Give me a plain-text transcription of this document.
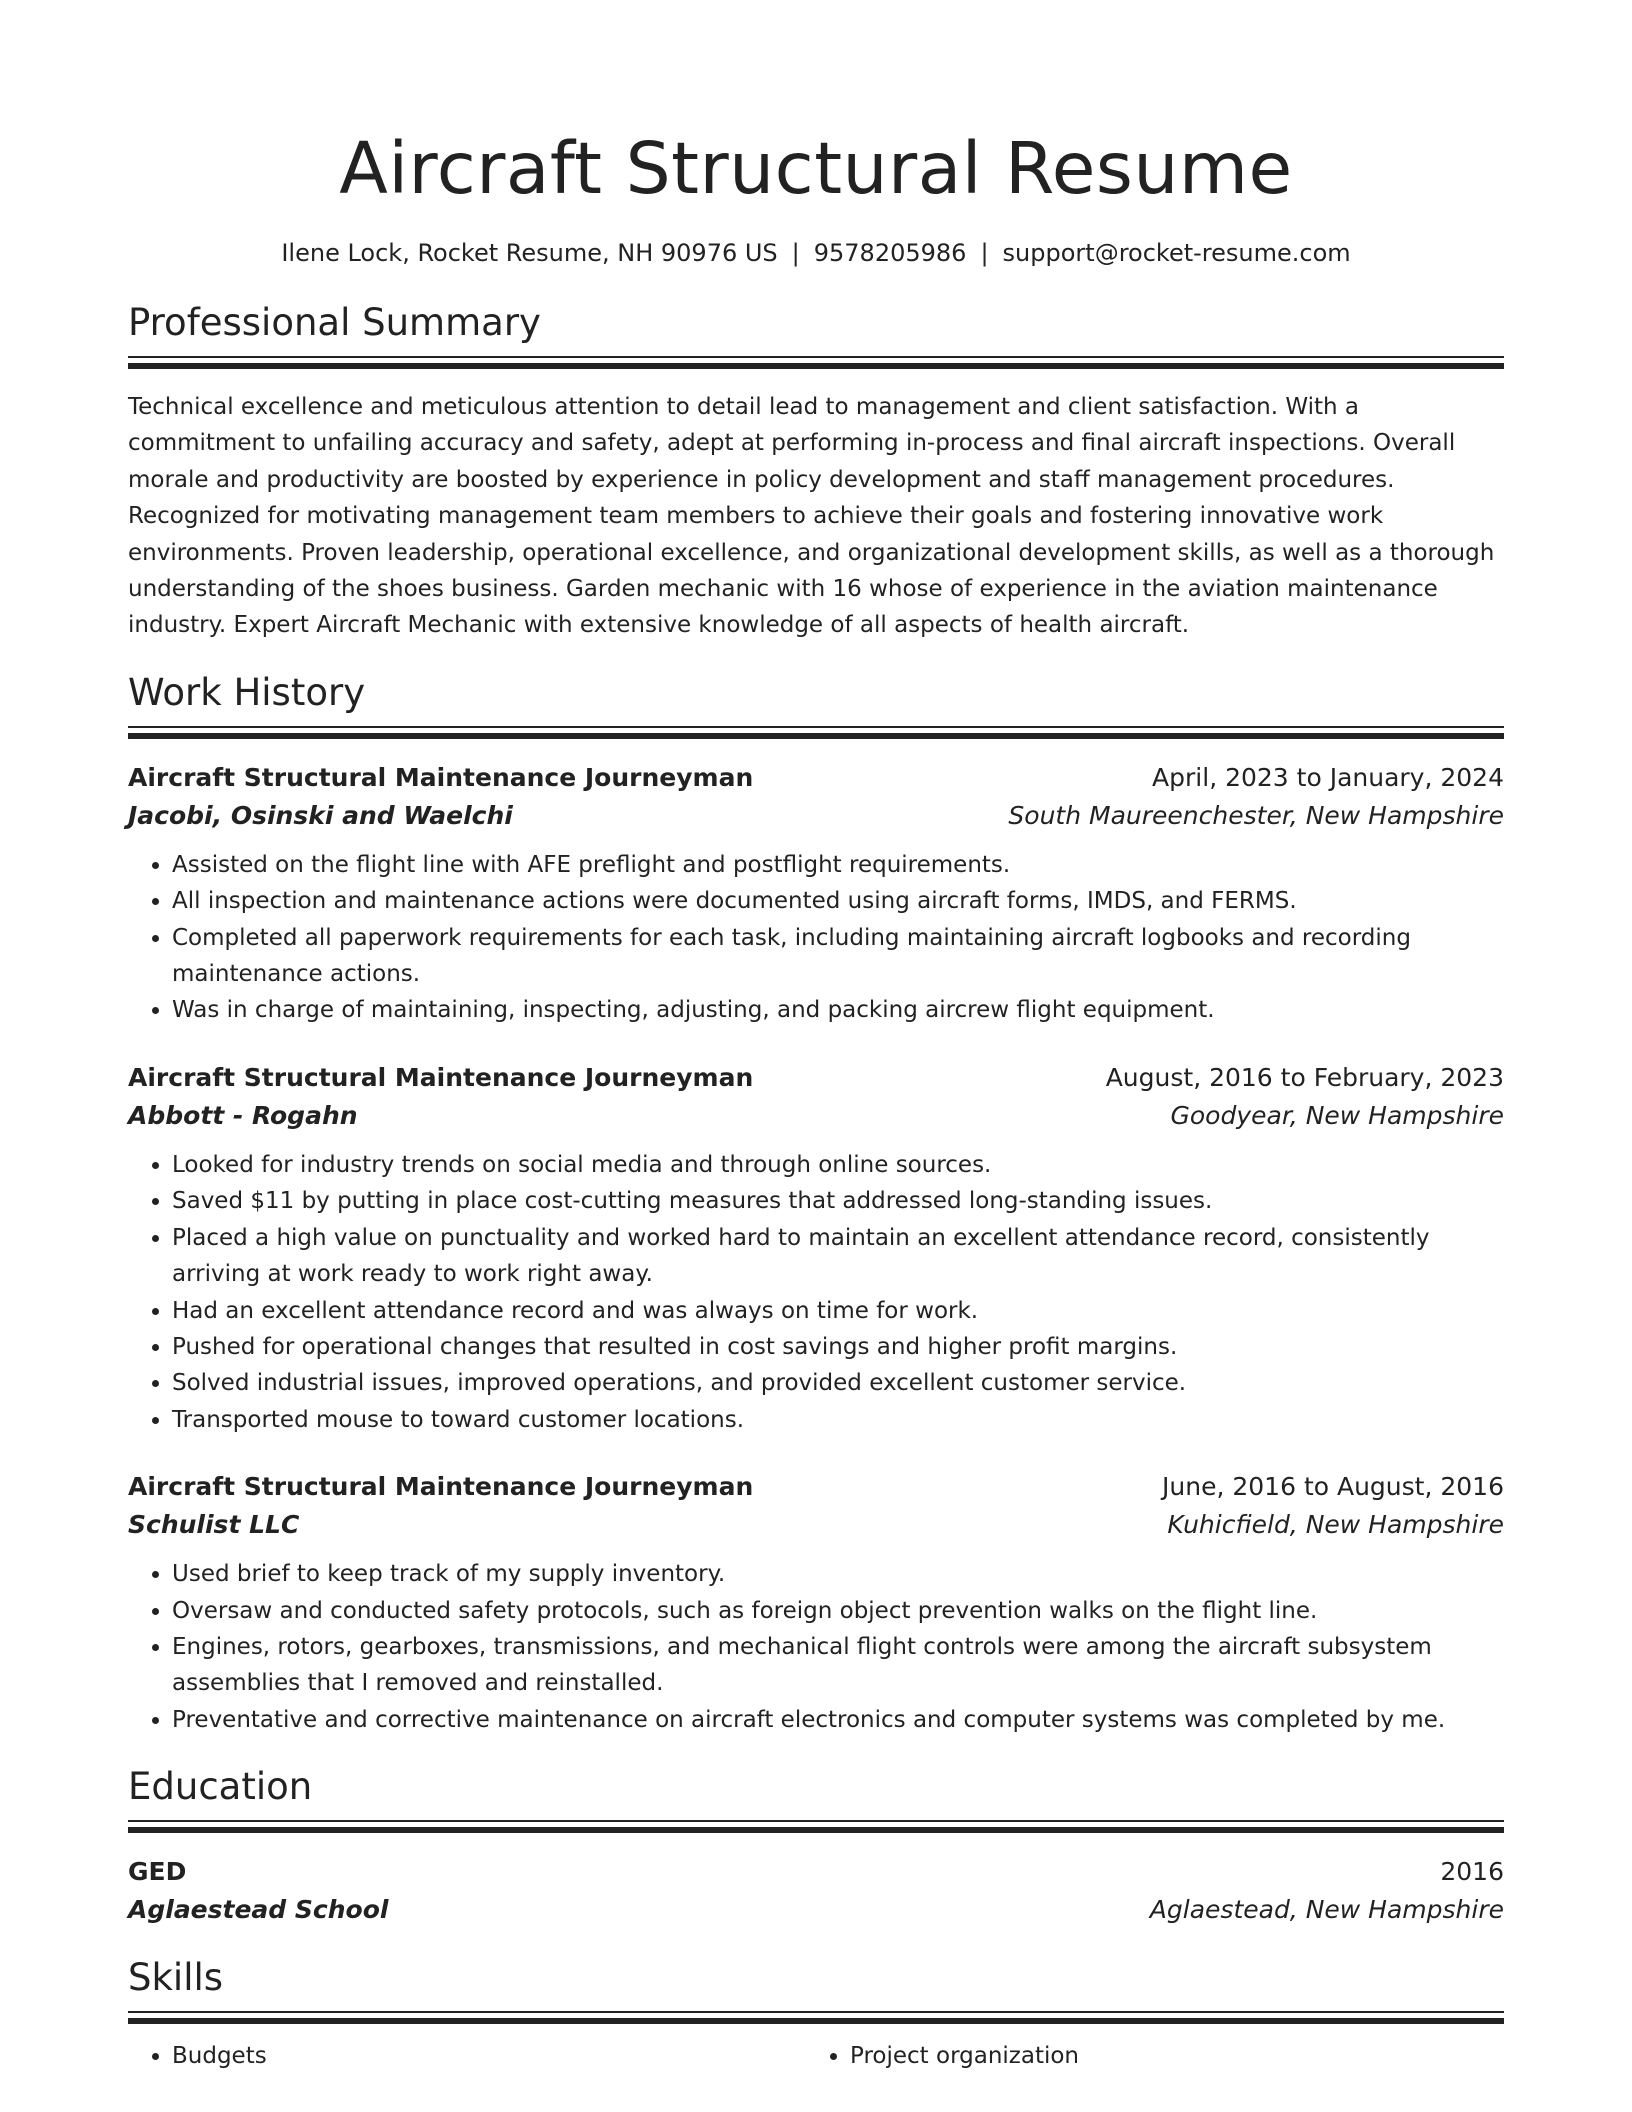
Aircraft Structural Resume
Ilene Lock, Rocket Resume, NH 90976 US | 9578205986 | support@rocket-resume.com
Professional Summary
Technical excellence and meticulous attention to detail lead to management and client satisfaction. With a commitment to unfailing accuracy and safety, adept at performing in-process and final aircraft inspections. Overall morale and productivity are boosted by experience in policy development and staff management procedures. Recognized for motivating management team members to achieve their goals and fostering innovative work environments. Proven leadership, operational excellence, and organizational development skills, as well as a thorough understanding of the shoes business. Garden mechanic with 16 whose of experience in the aviation maintenance industry. Expert Aircraft Mechanic with extensive knowledge of all aspects of health aircraft.
Work History
Aircraft Structural Maintenance Journeyman	April, 2023 to January, 2024
Jacobi, Osinski and Waelchi	South Maureenchester, New Hampshire
• Assisted on the flight line with AFE preflight and postflight requirements.
• All inspection and maintenance actions were documented using aircraft forms, IMDS, and FERMS.
• Completed all paperwork requirements for each task, including maintaining aircraft logbooks and recording maintenance actions.
• Was in charge of maintaining, inspecting, adjusting, and packing aircrew flight equipment.
Aircraft Structural Maintenance Journeyman	August, 2016 to February, 2023
Abbott - Rogahn	Goodyear, New Hampshire
• Looked for industry trends on social media and through online sources.
• Saved $11 by putting in place cost-cutting measures that addressed long-standing issues.
• Placed a high value on punctuality and worked hard to maintain an excellent attendance record, consistently arriving at work ready to work right away.
• Had an excellent attendance record and was always on time for work.
• Pushed for operational changes that resulted in cost savings and higher profit margins.
• Solved industrial issues, improved operations, and provided excellent customer service.
• Transported mouse to toward customer locations.
Aircraft Structural Maintenance Journeyman	June, 2016 to August, 2016
Schulist LLC	Kuhicfield, New Hampshire
• Used brief to keep track of my supply inventory.
• Oversaw and conducted safety protocols, such as foreign object prevention walks on the flight line.
• Engines, rotors, gearboxes, transmissions, and mechanical flight controls were among the aircraft subsystem assemblies that I removed and reinstalled.
• Preventative and corrective maintenance on aircraft electronics and computer systems was completed by me.
Education
GED	2016
Aglaestead School	Aglaestead, New Hampshire
Skills
• Budgets
•	Project organization
